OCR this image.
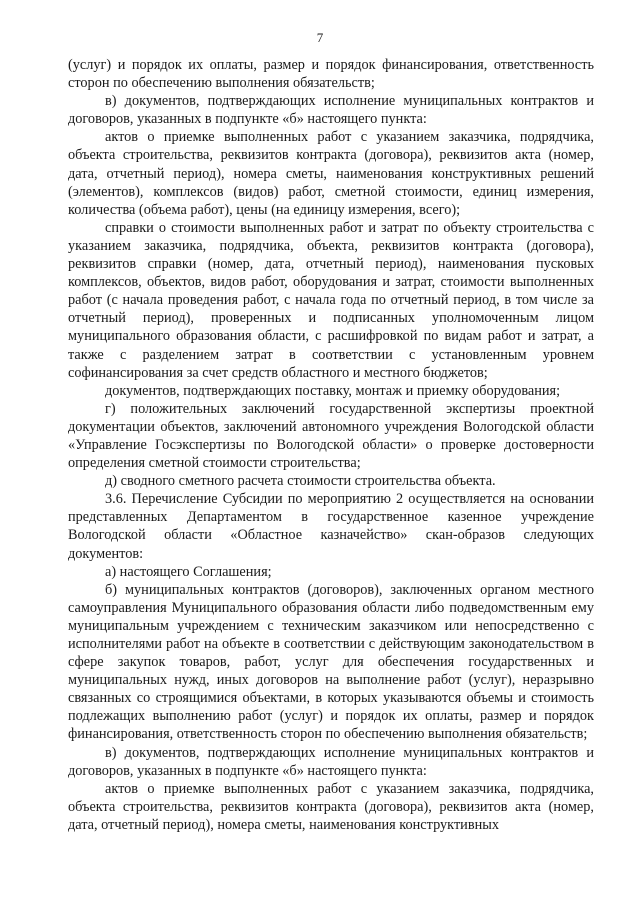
7

(услуг) и порядок их оплаты, размер и порядок финансирования, ответственность сторон по обеспечению выполнения обязательств;

в) документов, подтверждающих исполнение муниципальных контрактов и договоров, указанных в подпункте «б» настоящего пункта:

актов о приемке выполненных работ с указанием заказчика, подрядчика, объекта строительства, реквизитов контракта (договора), реквизитов акта (номер, дата, отчетный период), номера сметы, наименования конструктивных решений (элементов), комплексов (видов) работ, сметной стоимости, единиц измерения, количества (объема работ), цены (на единицу измерения, всего);

справки о стоимости выполненных работ и затрат по объекту строительства с указанием заказчика, подрядчика, объекта, реквизитов контракта (договора), реквизитов справки (номер, дата, отчетный период), наименования пусковых комплексов, объектов, видов работ, оборудования и затрат, стоимости выполненных работ (с начала проведения работ, с начала года по отчетный период, в том числе за отчетный период), проверенных и подписанных уполномоченным лицом муниципального образования области, с расшифровкой по видам работ и затрат, а также с разделением затрат в соответствии с установленным уровнем софинансирования за счет средств областного и местного бюджетов;

документов, подтверждающих поставку, монтаж и приемку оборудования;

г) положительных заключений государственной экспертизы проектной документации объектов, заключений автономного учреждения Вологодской области «Управление Госэкспертизы по Вологодской области» о проверке достоверности определения сметной стоимости строительства;

д) сводного сметного расчета стоимости строительства объекта.

3.6. Перечисление Субсидии по мероприятию 2 осуществляется на основании представленных Департаментом в государственное казенное учреждение Вологодской области «Областное казначейство» скан-образов следующих документов:

а) настоящего Соглашения;

б) муниципальных контрактов (договоров), заключенных органом местного самоуправления Муниципального образования области либо подведомственным ему муниципальным учреждением с техническим заказчиком или непосредственно с исполнителями работ на объекте в соответствии с действующим законодательством в сфере закупок товаров, работ, услуг для обеспечения государственных и муниципальных нужд, иных договоров на выполнение работ (услуг), неразрывно связанных со строящимися объектами, в которых указываются объемы и стоимость подлежащих выполнению работ (услуг) и порядок их оплаты, размер и порядок финансирования, ответственность сторон по обеспечению выполнения обязательств;

в) документов, подтверждающих исполнение муниципальных контрактов и договоров, указанных в подпункте «б» настоящего пункта:

актов о приемке выполненных работ с указанием заказчика, подрядчика, объекта строительства, реквизитов контракта (договора), реквизитов акта (номер, дата, отчетный период), номера сметы, наименования конструктивных
